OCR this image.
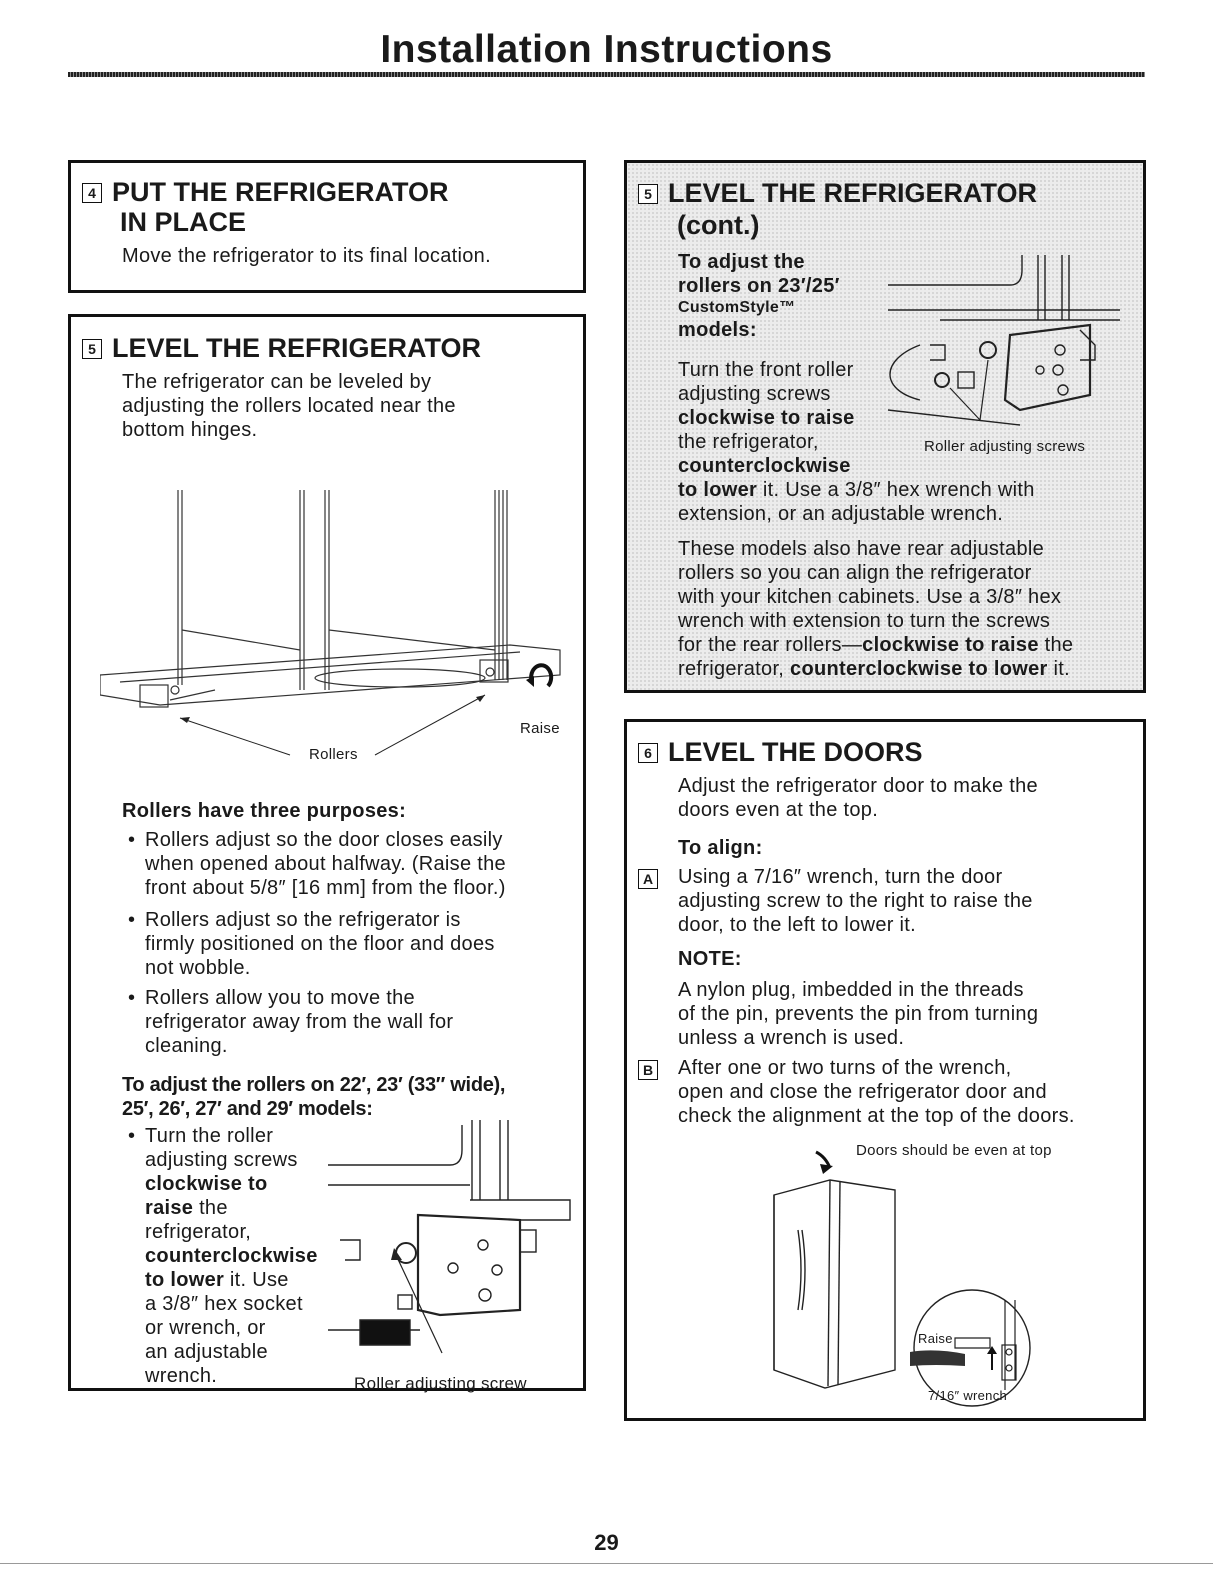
Installation Instructions
4 PUT THE REFRIGERATOR
IN PLACE
Move the refrigerator to its final location.
5 LEVEL THE REFRIGERATOR
The refrigerator can be leveled by
adjusting the rollers located near the
bottom hinges.
Raise
Rollers
Rollers have three purposes:
• Rollers adjust so the door closes easily
when opened about halfway. (Raise the
front about 5/8″ [16 mm] from the floor.)
• Rollers adjust so the refrigerator is
firmly positioned on the floor and does
not wobble.
• Rollers allow you to move the
refrigerator away from the wall for
cleaning.
To adjust the rollers on 22′, 23′ (33″ wide),
25′, 26′, 27′ and 29′ models:
• Turn the roller
adjusting screws
clockwise to
raise the
refrigerator,
counterclockwise
to lower it. Use
a 3/8″ hex socket
or wrench, or
an adjustable
wrench.	Roller adjusting screw
5 LEVEL THE REFRIGERATOR
(cont.)
To adjust the
rollers on 23′/25′
CustomStyle™
models:
Turn the front roller
adjusting screws
clockwise to raise
the refrigerator,
counterclockwise
to lower it. Use a 3/8″ hex wrench with
extension, or an adjustable wrench.
Roller adjusting screws
These models also have rear adjustable
rollers so you can align the refrigerator
with your kitchen cabinets. Use a 3/8″ hex
wrench with extension to turn the screws
for the rear rollers—clockwise to raise the
refrigerator, counterclockwise to lower it.
6 LEVEL THE DOORS
Adjust the refrigerator door to make the
doors even at the top.
To align:
A Using a 7/16″ wrench, turn the door
adjusting screw to the right to raise the
door, to the left to lower it.
NOTE:
A nylon plug, imbedded in the threads
of the pin, prevents the pin from turning
unless a wrench is used.
B After one or two turns of the wrench,
open and close the refrigerator door and
check the alignment at the top of the doors.
Doors should be even at top
Raise
7/16″ wrench
29
